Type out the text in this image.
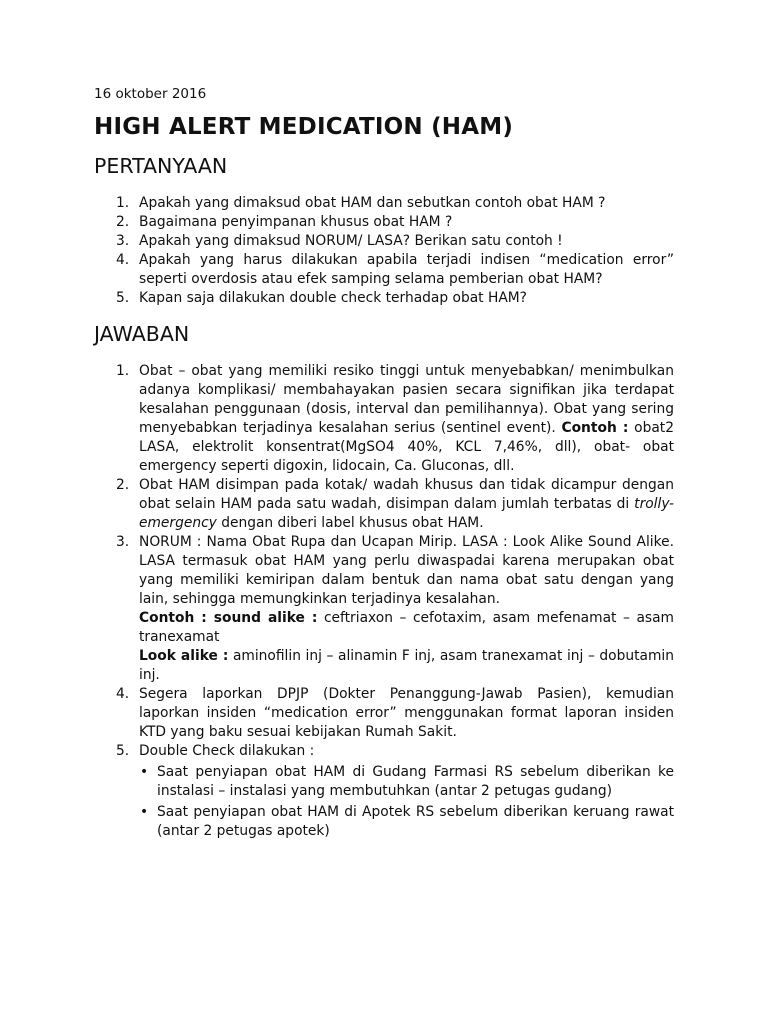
16 oktober 2016
HIGH ALERT MEDICATION (HAM)
PERTANYAAN
1. Apakah yang dimaksud obat HAM dan sebutkan contoh obat HAM ?
2. Bagaimana penyimpanan khusus obat HAM ?
3. Apakah yang dimaksud NORUM/ LASA? Berikan satu contoh !
4. Apakah yang harus dilakukan apabila terjadi indisen “medication error” seperti overdosis atau efek samping selama pemberian obat HAM?
5. Kapan saja dilakukan double check terhadap obat HAM?
JAWABAN
1. Obat – obat yang memiliki resiko tinggi untuk menyebabkan/ menimbulkan adanya komplikasi/ membahayakan pasien secara signifikan jika terdapat kesalahan penggunaan (dosis, interval dan pemilihannya). Obat yang sering menyebabkan terjadinya kesalahan serius (sentinel event). Contoh : obat2 LASA, elektrolit konsentrat(MgSO4 40%, KCL 7,46%, dll), obat- obat emergency seperti digoxin, lidocain, Ca. Gluconas, dll.
2. Obat HAM disimpan pada kotak/ wadah khusus dan tidak dicampur dengan obat selain HAM pada satu wadah, disimpan dalam jumlah terbatas di trolly-emergency dengan diberi label khusus obat HAM.
3. NORUM : Nama Obat Rupa dan Ucapan Mirip. LASA : Look Alike Sound Alike. LASA termasuk obat HAM yang perlu diwaspadai karena merupakan obat yang memiliki kemiripan dalam bentuk dan nama obat satu dengan yang lain, sehingga memungkinkan terjadinya kesalahan.
Contoh : sound alike : ceftriaxon – cefotaxim, asam mefenamat – asam tranexamat
Look alike : aminofilin inj – alinamin F inj, asam tranexamat inj – dobutamin inj.
4. Segera laporkan DPJP (Dokter Penanggung-Jawab Pasien), kemudian laporkan insiden “medication error” menggunakan format laporan insiden KTD yang baku sesuai kebijakan Rumah Sakit.
5. Double Check dilakukan :
• Saat penyiapan obat HAM di Gudang Farmasi RS sebelum diberikan ke instalasi – instalasi yang membutuhkan (antar 2 petugas gudang)
• Saat penyiapan obat HAM di Apotek RS sebelum diberikan keruang rawat (antar 2 petugas apotek)
